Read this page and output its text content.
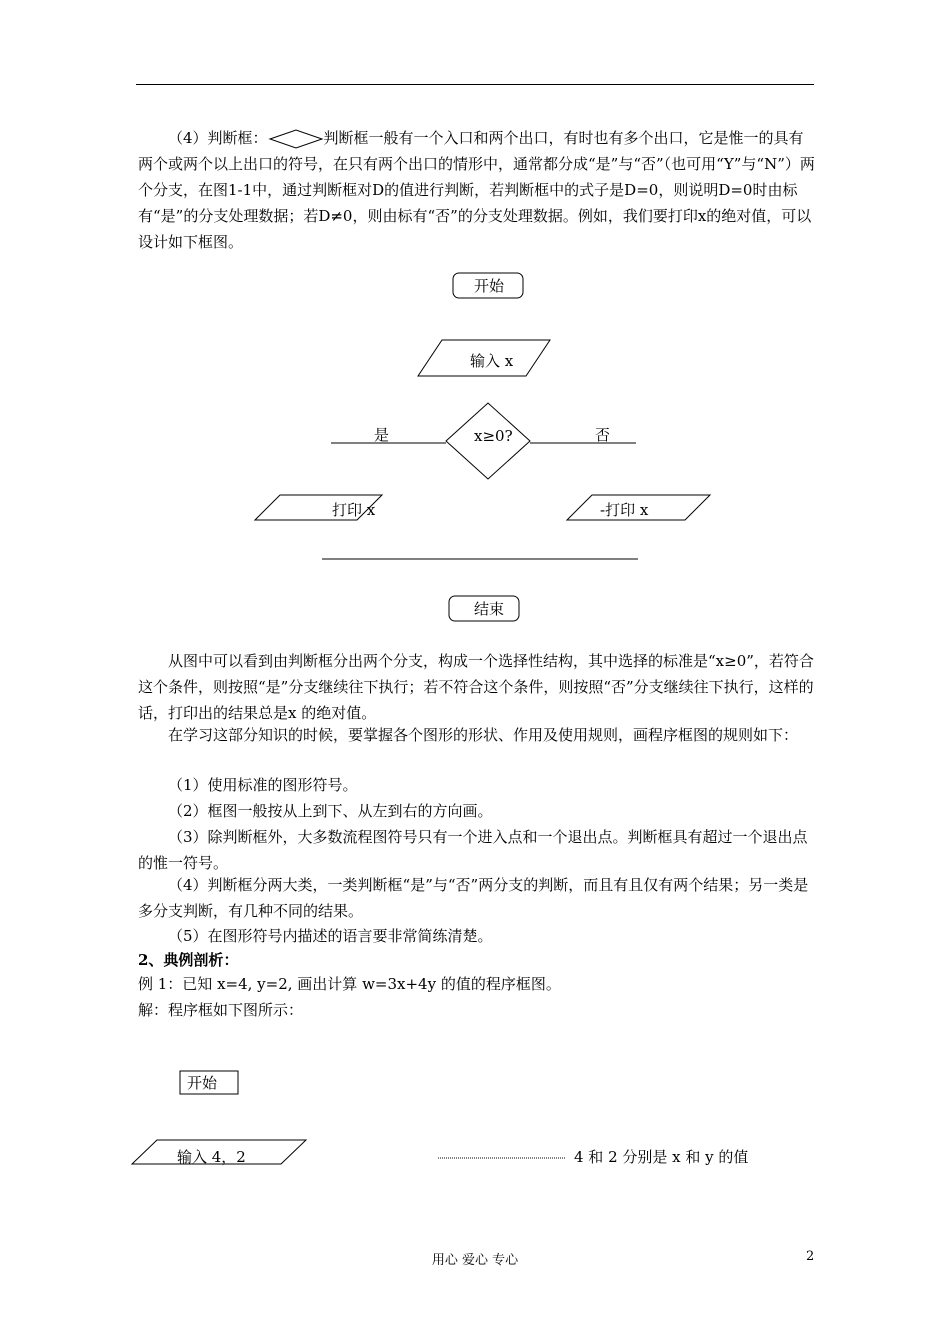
（4）判断框：	判断框一般有一个入口和两个出口，有时也有多个出口，它是惟一的具有两个或两个以上出口的符号，在只有两个出口的情形中，通常都分成“是”与“否”（也可用“Y”与“N”）两个分支，在图1-1中，通过判断框对D的值进行判断，若判断框中的式子是D=0，则说明D=0时由标有“是”的分支处理数据；若D≠0，则由标有“否”的分支处理数据。例如，我们要打印x的绝对值，可以设计如下框图。

开始
输入 x
是	x≥0?	否
打印 x	-打印 x
结束

从图中可以看到由判断框分出两个分支，构成一个选择性结构，其中选择的标准是“x≥0”，若符合这个条件，则按照“是”分支继续往下执行；若不符合这个条件，则按照“否”分支继续往下执行，这样的话，打印出的结果总是x 的绝对值。

在学习这部分知识的时候，要掌握各个图形的形状、作用及使用规则，画程序框图的规则如下：

（1）使用标准的图形符号。

（2）框图一般按从上到下、从左到右的方向画。

（3）除判断框外，大多数流程图符号只有一个进入点和一个退出点。判断框具有超过一个退出点的惟一符号。

（4）判断框分两大类，一类判断框“是”与“否”两分支的判断，而且有且仅有两个结果；另一类是多分支判断，有几种不同的结果。

（5）在图形符号内描述的语言要非常简练清楚。

2、典例剖析：

例 1：已知 x=4, y=2, 画出计算 w=3x+4y 的值的程序框图。

解：程序框如下图所示：

开始
输入 4，2	4 和 2 分别是 x 和 y 的值
用心 爱心 专心	2
